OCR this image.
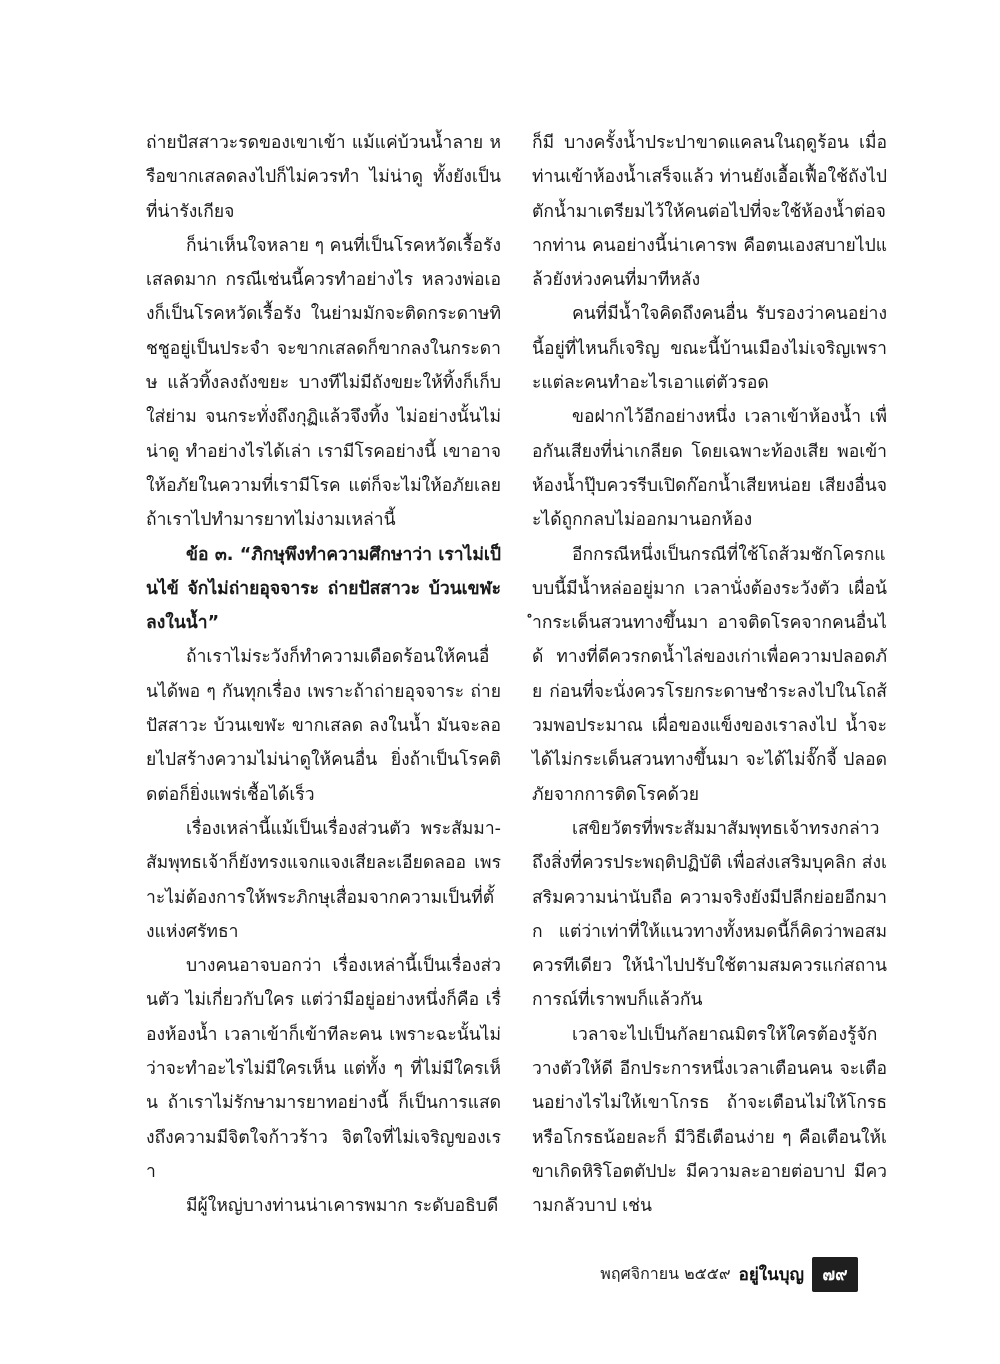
ถ่ายปัสสาวะรดของเขาเข้า แม้แค่บ้วนน้ำลาย หรือขากเสลดลงไปก็ไม่ควรทำ ไม่น่าดู ทั้งยังเป็นที่น่ารังเกียจ

ก็น่าเห็นใจหลาย ๆ คนที่เป็นโรคหวัดเรื้อรัง เสลดมาก กรณีเช่นนี้ควรทำอย่างไร หลวงพ่อเองก็เป็นโรคหวัดเรื้อรัง ในย่ามมักจะติดกระดาษทิชชูอยู่เป็นประจำ จะขากเสลดก็ขากลงในกระดาษ แล้วทิ้งลงถังขยะ บางทีไม่มีถังขยะให้ทิ้งก็เก็บใส่ย่าม จนกระทั่งถึงกุฏิแล้วจึงทิ้ง ไม่อย่างนั้นไม่น่าดู ทำอย่างไรได้เล่า เรามีโรคอย่างนี้ เขาอาจให้อภัยในความที่เรามีโรค แต่ก็จะไม่ให้อภัยเลย ถ้าเราไปทำมารยาทไม่งามเหล่านี้

ข้อ ๓. “ภิกษุพึงทำความศึกษาว่า เราไม่เป็นไข้ จักไม่ถ่ายอุจจาระ ถ่ายปัสสาวะ บ้วนเขฬะลงในน้ำ”

ถ้าเราไม่ระวังก็ทำความเดือดร้อนให้คนอื่นได้พอ ๆ กันทุกเรื่อง เพราะถ้าถ่ายอุจจาระ ถ่ายปัสสาวะ บ้วนเขฬะ ขากเสลด ลงในน้ำ มันจะลอยไปสร้างความไม่น่าดูให้คนอื่น ยิ่งถ้าเป็นโรคติดต่อก็ยิ่งแพร่เชื้อได้เร็ว

เรื่องเหล่านี้แม้เป็นเรื่องส่วนตัว พระสัมมา-สัมพุทธเจ้าก็ยังทรงแจกแจงเสียละเอียดลออ เพราะไม่ต้องการให้พระภิกษุเสื่อมจากความเป็นที่ตั้งแห่งศรัทธา

บางคนอาจบอกว่า เรื่องเหล่านี้เป็นเรื่องส่วนตัว ไม่เกี่ยวกับใคร แต่ว่ามีอยู่อย่างหนึ่งก็คือ เรื่องห้องน้ำ เวลาเข้าก็เข้าทีละคน เพราะฉะนั้นไม่ว่าจะทำอะไรไม่มีใครเห็น แต่ทั้ง ๆ ที่ไม่มีใครเห็น ถ้าเราไม่รักษามารยาทอย่างนี้ ก็เป็นการแสดงถึงความมีจิตใจก้าวร้าว จิตใจที่ไม่เจริญของเรา

มีผู้ใหญ่บางท่านน่าเคารพมาก ระดับอธิบดี

ก็มี บางครั้งน้ำประปาขาดแคลนในฤดูร้อน เมื่อท่านเข้าห้องน้ำเสร็จแล้ว ท่านยังเอื้อเฟื้อใช้ถังไปตักน้ำมาเตรียมไว้ให้คนต่อไปที่จะใช้ห้องน้ำต่อจากท่าน คนอย่างนี้น่าเคารพ คือตนเองสบายไปแล้วยังห่วงคนที่มาทีหลัง

คนที่มีน้ำใจคิดถึงคนอื่น รับรองว่าคนอย่างนี้อยู่ที่ไหนก็เจริญ ขณะนี้บ้านเมืองไม่เจริญเพราะแต่ละคนทำอะไรเอาแต่ตัวรอด

ขอฝากไว้อีกอย่างหนึ่ง เวลาเข้าห้องน้ำ เพื่อกันเสียงที่น่าเกลียด โดยเฉพาะท้องเสีย พอเข้าห้องน้ำปุ๊บควรรีบเปิดก๊อกน้ำเสียหน่อย เสียงอื่นจะได้ถูกกลบไม่ออกมานอกห้อง

อีกกรณีหนึ่งเป็นกรณีที่ใช้โถส้วมชักโครกแบบนี้มีน้ำหล่ออยู่มาก เวลานั่งต้องระวังตัว เผื่อน้ำกระเด็นสวนทางขึ้นมา อาจติดโรคจากคนอื่นได้ ทางที่ดีควรกดน้ำไล่ของเก่าเพื่อความปลอดภัย ก่อนที่จะนั่งควรโรยกระดาษชำระลงไปในโถส้วมพอประมาณ เผื่อของแข็งของเราลงไป น้ำจะได้ไม่กระเด็นสวนทางขึ้นมา จะได้ไม่จั๊กจี้ ปลอดภัยจากการติดโรคด้วย

เสขิยวัตรที่พระสัมมาสัมพุทธเจ้าทรงกล่าวถึงสิ่งที่ควรประพฤติปฏิบัติ เพื่อส่งเสริมบุคลิก ส่งเสริมความน่านับถือ ความจริงยังมีปลีกย่อยอีกมาก แต่ว่าเท่าที่ให้แนวทางทั้งหมดนี้ก็คิดว่าพอสมควรทีเดียว ให้นำไปปรับใช้ตามสมควรแก่สถานการณ์ที่เราพบก็แล้วกัน

เวลาจะไปเป็นกัลยาณมิตรให้ใครต้องรู้จักวางตัวให้ดี อีกประการหนึ่งเวลาเตือนคน จะเตือนอย่างไรไม่ให้เขาโกรธ ถ้าจะเตือนไม่ให้โกรธ หรือโกรธน้อยละก็ มีวิธีเตือนง่าย ๆ คือเตือนให้เขาเกิดหิริโอตตัปปะ มีความละอายต่อบาป มีความกลัวบาป เช่น

พฤศจิกายน ๒๕๕๙ อยู่ในบุญ	๗๙
